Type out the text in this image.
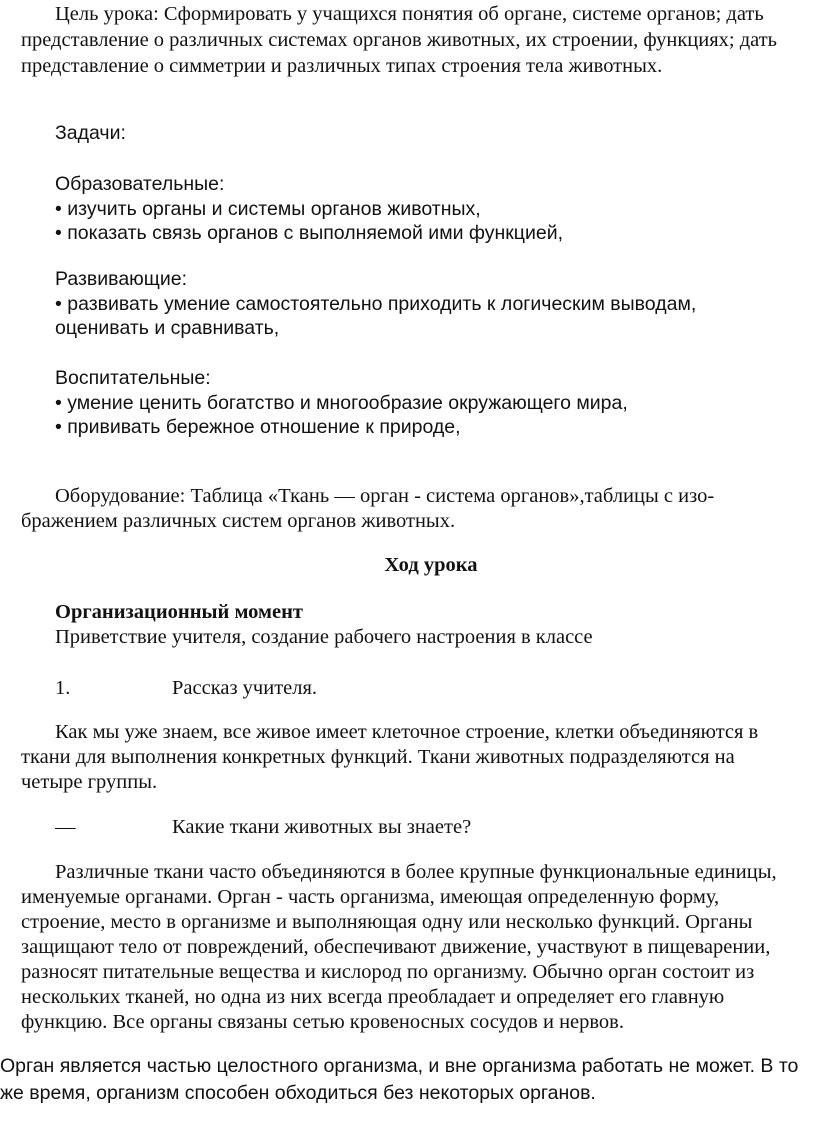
Цель урока: Сформировать у учащихся понятия об органе, системе органов; дать
представление о различных системах органов животных, их строении, функциях; дать
представление о симметрии и различных типах строения тела животных.
Задачи:
Образовательные:
• изучить органы и системы органов животных,
• показать связь органов с выполняемой ими функцией,
Развивающие:
• развивать умение самостоятельно приходить к логическим выводам,
оценивать и сравнивать,
Воспитательные:
• умение ценить богатство и многообразие окружающего мира,
• прививать бережное отношение к природе,
Оборудование: Таблица «Ткань — орган - система органов»,таблицы с изо-
бражением различных систем органов животных.
Ход урока
Организационный момент
Приветствие учителя, создание рабочего настроения в классе
1.	Рассказ учителя.
Как мы уже знаем, все живое имеет клеточное строение, клетки объединяются в
ткани для выполнения конкретных функций. Ткани животных подразделяются на
четыре группы.
—	Какие ткани животных вы знаете?
Различные ткани часто объединяются в более крупные функциональные единицы,
именуемые органами. Орган - часть организма, имеющая определенную форму,
строение, место в организме и выполняющая одну или несколько функций. Органы
защищают тело от повреждений, обеспечивают движение, участвуют в пищеварении,
разносят питательные вещества и кислород по организму. Обычно орган состоит из
нескольких тканей, но одна из них всегда преобладает и определяет его главную
функцию. Все органы связаны сетью кровеносных сосудов и нервов.
Орган является частью целостного организма, и вне организма работать не может. В то
же время, организм способен обходиться без некоторых органов.
